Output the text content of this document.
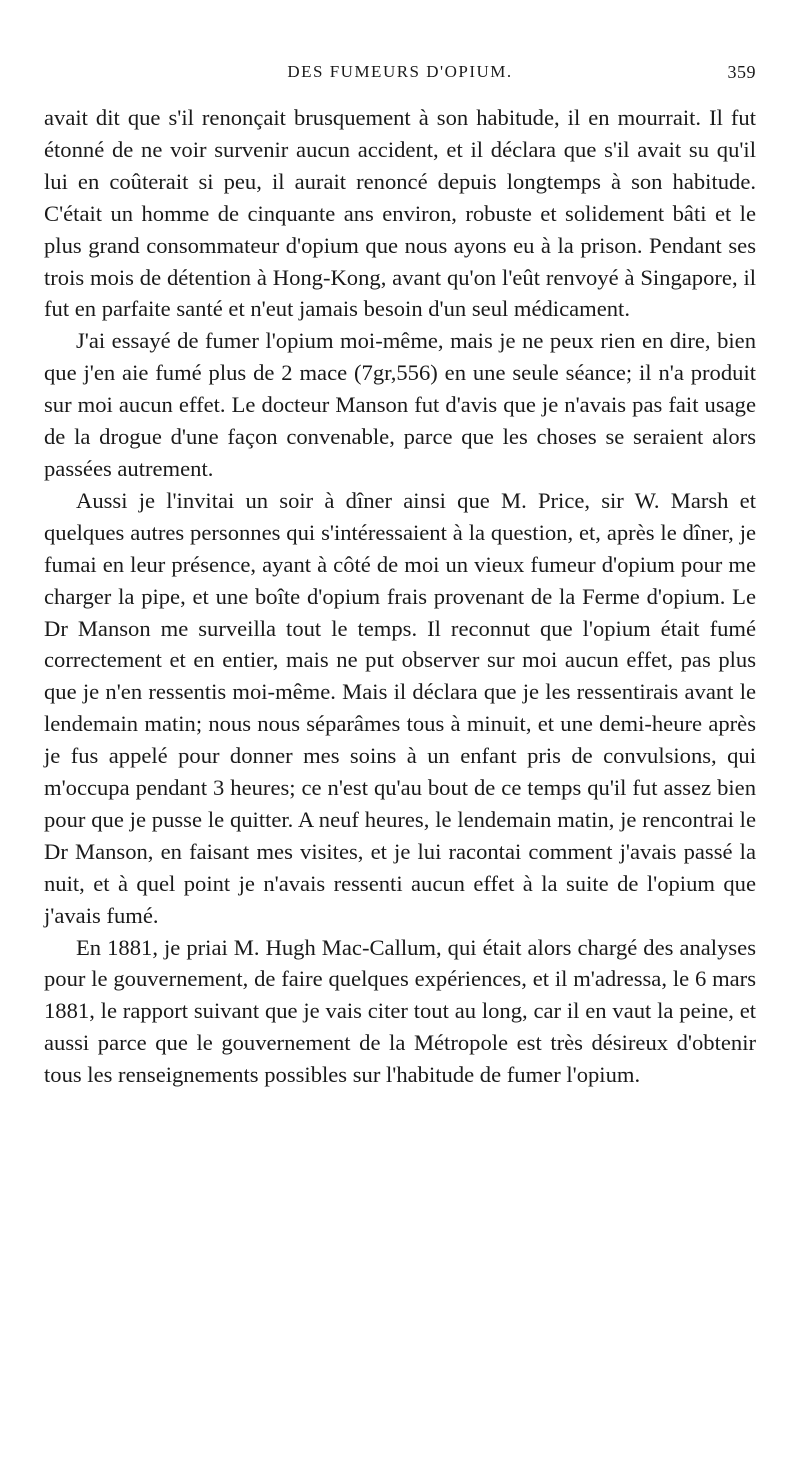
DES FUMEURS D'OPIUM.	359

avait dit que s'il renonçait brusquement à son habitude, il en mourrait. Il fut étonné de ne voir survenir aucun accident, et il déclara que s'il avait su qu'il lui en coûterait si peu, il aurait renoncé depuis longtemps à son habitude. C'était un homme de cinquante ans environ, robuste et solidement bâti et le plus grand consommateur d'opium que nous ayons eu à la prison. Pendant ses trois mois de détention à Hong-Kong, avant qu'on l'eût renvoyé à Singapore, il fut en parfaite santé et n'eut jamais besoin d'un seul médicament.

J'ai essayé de fumer l'opium moi-même, mais je ne peux rien en dire, bien que j'en aie fumé plus de 2 mace (7gr,556) en une seule séance; il n'a produit sur moi aucun effet. Le docteur Manson fut d'avis que je n'avais pas fait usage de la drogue d'une façon convenable, parce que les choses se seraient alors passées autrement.

Aussi je l'invitai un soir à dîner ainsi que M. Price, sir W. Marsh et quelques autres personnes qui s'intéressaient à la question, et, après le dîner, je fumai en leur présence, ayant à côté de moi un vieux fumeur d'opium pour me charger la pipe, et une boîte d'opium frais provenant de la Ferme d'opium. Le Dr Manson me surveilla tout le temps. Il reconnut que l'opium était fumé correctement et en entier, mais ne put observer sur moi aucun effet, pas plus que je n'en ressentis moi-même. Mais il déclara que je les ressentirais avant le lendemain matin; nous nous séparâmes tous à minuit, et une demi-heure après je fus appelé pour donner mes soins à un enfant pris de convulsions, qui m'occupa pendant 3 heures; ce n'est qu'au bout de ce temps qu'il fut assez bien pour que je pusse le quitter. A neuf heures, le lendemain matin, je rencontrai le Dr Manson, en faisant mes visites, et je lui racontai comment j'avais passé la nuit, et à quel point je n'avais ressenti aucun effet à la suite de l'opium que j'avais fumé.

En 1881, je priai M. Hugh Mac-Callum, qui était alors chargé des analyses pour le gouvernement, de faire quelques expériences, et il m'adressa, le 6 mars 1881, le rapport suivant que je vais citer tout au long, car il en vaut la peine, et aussi parce que le gouvernement de la Métropole est très désireux d'obtenir tous les renseignements possibles sur l'habitude de fumer l'opium.
